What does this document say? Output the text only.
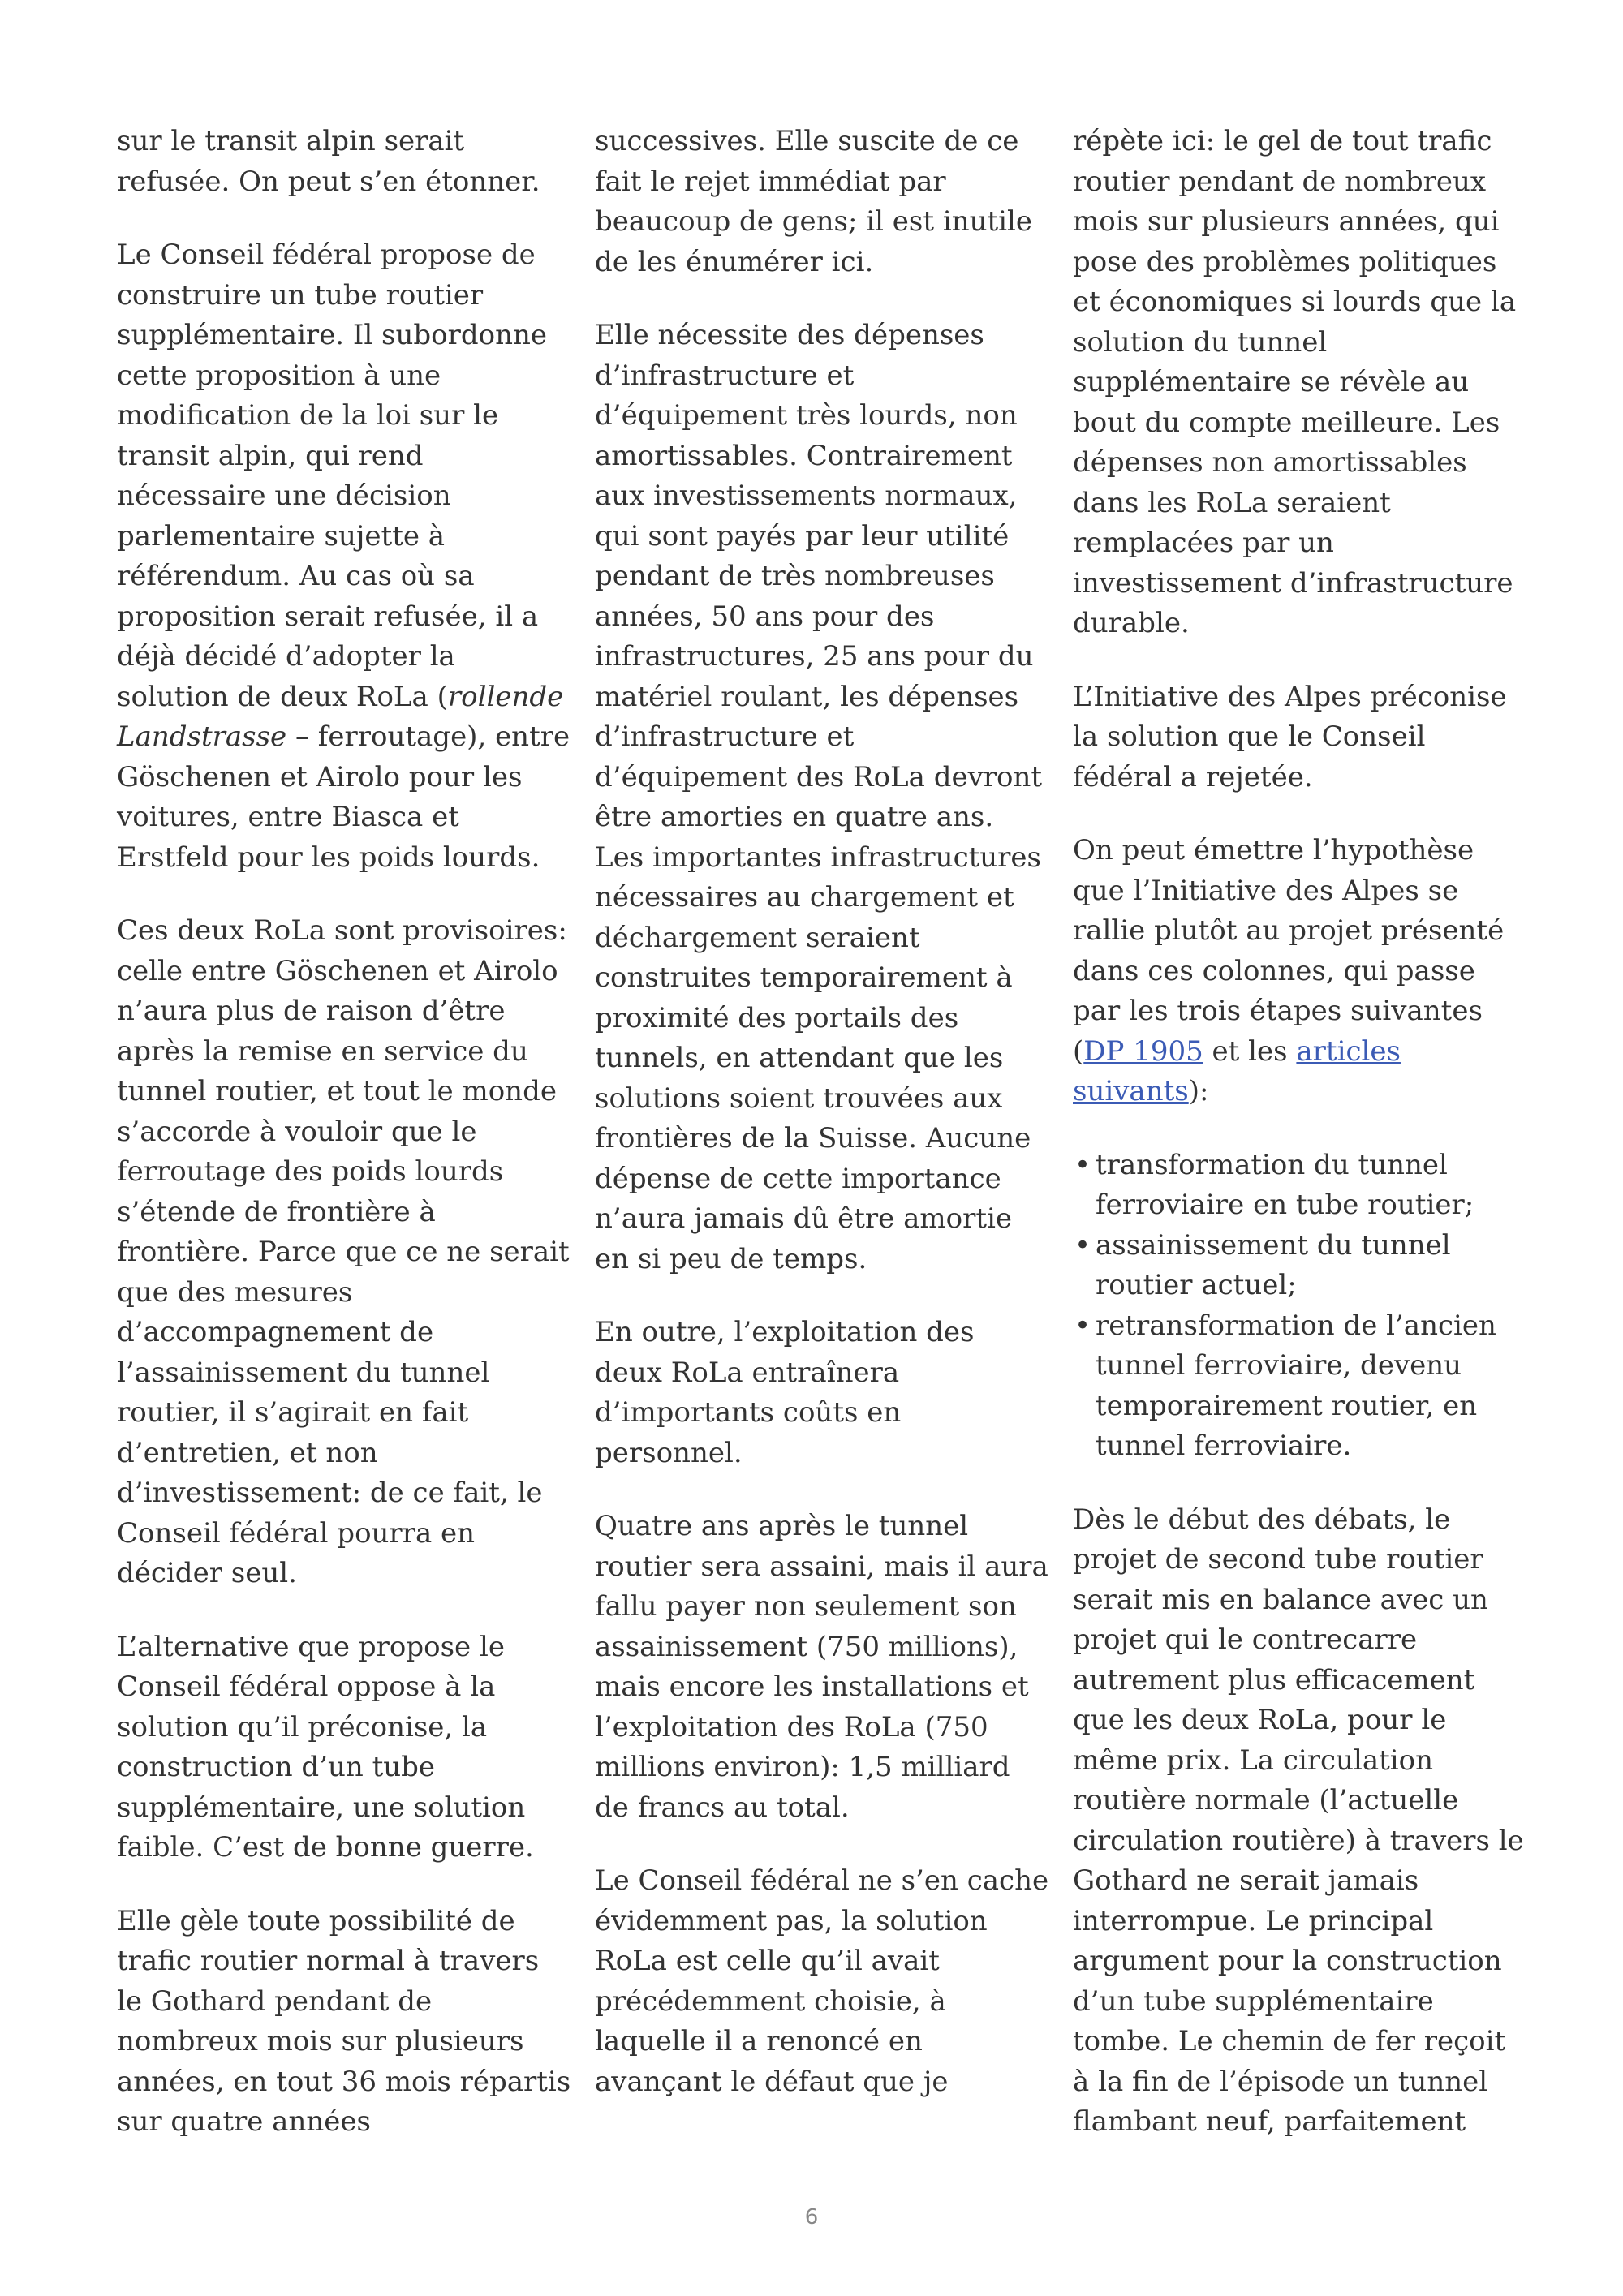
sur le transit alpin serait refusée. On peut s’en étonner.

Le Conseil fédéral propose de construire un tube routier supplémentaire. Il subordonne cette proposition à une modification de la loi sur le transit alpin, qui rend nécessaire une décision parlementaire sujette à référendum. Au cas où sa proposition serait refusée, il a déjà décidé d’adopter la solution de deux RoLa (rollende Landstrasse – ferroutage), entre Göschenen et Airolo pour les voitures, entre Biasca et Erstfeld pour les poids lourds.

Ces deux RoLa sont provisoires: celle entre Göschenen et Airolo n’aura plus de raison d’être après la remise en service du tunnel routier, et tout le monde s’accorde à vouloir que le ferroutage des poids lourds s’étende de frontière à frontière. Parce que ce ne serait que des mesures d’accompagnement de l’assainissement du tunnel routier, il s’agirait en fait d’entretien, et non d’investissement: de ce fait, le Conseil fédéral pourra en décider seul.

L’alternative que propose le Conseil fédéral oppose à la solution qu’il préconise, la construction d’un tube supplémentaire, une solution faible. C’est de bonne guerre.

Elle gèle toute possibilité de trafic routier normal à travers le Gothard pendant de nombreux mois sur plusieurs années, en tout 36 mois répartis sur quatre années

successives. Elle suscite de ce fait le rejet immédiat par beaucoup de gens; il est inutile de les énumérer ici.

Elle nécessite des dépenses d’infrastructure et d’équipement très lourds, non amortissables. Contrairement aux investissements normaux, qui sont payés par leur utilité pendant de très nombreuses années, 50 ans pour des infrastructures, 25 ans pour du matériel roulant, les dépenses d’infrastructure et d’équipement des RoLa devront être amorties en quatre ans. Les importantes infrastructures nécessaires au chargement et déchargement seraient construites temporairement à proximité des portails des tunnels, en attendant que les solutions soient trouvées aux frontières de la Suisse. Aucune dépense de cette importance n’aura jamais dû être amortie en si peu de temps.

En outre, l’exploitation des deux RoLa entraînera d’importants coûts en personnel.

Quatre ans après le tunnel routier sera assaini, mais il aura fallu payer non seulement son assainissement (750 millions), mais encore les installations et l’exploitation des RoLa (750 millions environ): 1,5 milliard de francs au total.

Le Conseil fédéral ne s’en cache évidemment pas, la solution RoLa est celle qu’il avait précédemment choisie, à laquelle il a renoncé en avançant le défaut que je

répète ici: le gel de tout trafic routier pendant de nombreux mois sur plusieurs années, qui pose des problèmes politiques et économiques si lourds que la solution du tunnel supplémentaire se révèle au bout du compte meilleure. Les dépenses non amortissables dans les RoLa seraient remplacées par un investissement d’infrastructure durable.

L’Initiative des Alpes préconise la solution que le Conseil fédéral a rejetée.

On peut émettre l’hypothèse que l’Initiative des Alpes se rallie plutôt au projet présenté dans ces colonnes, qui passe par les trois étapes suivantes (DP 1905 et les articles suivants):

• transformation du tunnel ferroviaire en tube routier;
• assainissement du tunnel routier actuel;
• retransformation de l’ancien tunnel ferroviaire, devenu temporairement routier, en tunnel ferroviaire.

Dès le début des débats, le projet de second tube routier serait mis en balance avec un projet qui le contrecarre autrement plus efficacement que les deux RoLa, pour le même prix. La circulation routière normale (l’actuelle circulation routière) à travers le Gothard ne serait jamais interrompue. Le principal argument pour la construction d’un tube supplémentaire tombe. Le chemin de fer reçoit à la fin de l’épisode un tunnel flambant neuf, parfaitement

6
